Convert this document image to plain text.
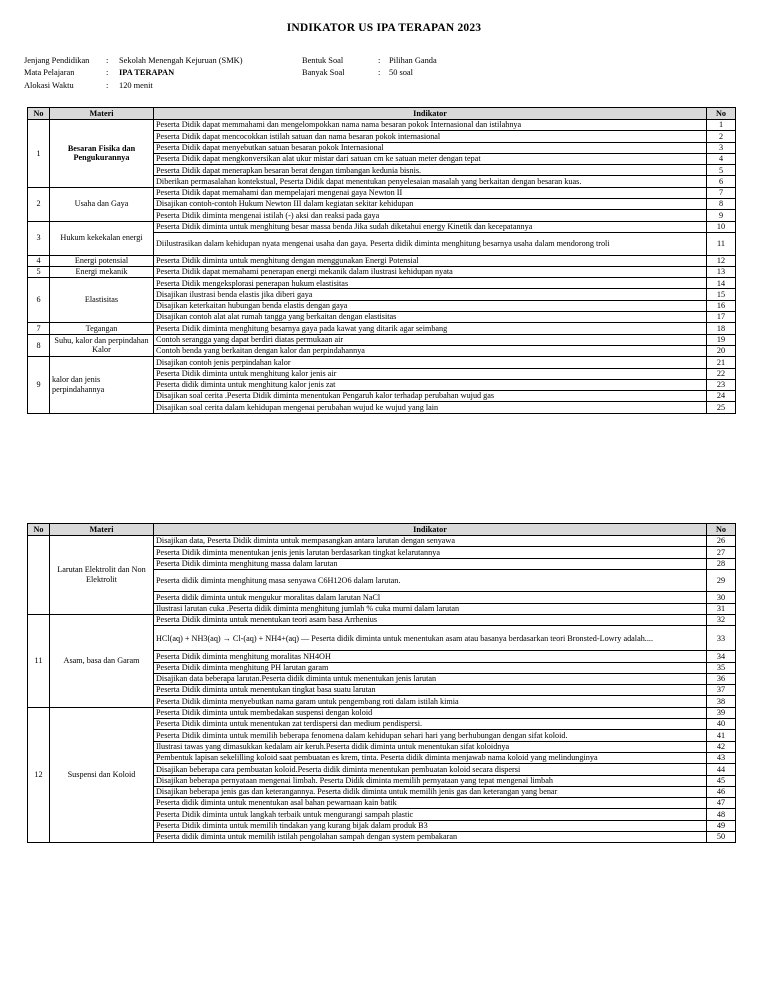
INDIKATOR US IPA TERAPAN 2023
Jenjang Pendidikan	:	Sekolah Menengah Kejuruan (SMK)
Mata Pelajaran	:	IPA TERAPAN
Alokasi Waktu	:	120 menit
Bentuk Soal	:	Pilihan Ganda
Banyak Soal	:	50 soal
No	Materi	Indikator	No
1	Besaran Fisika dan Pengukurannya	Peserta Didik dapat memmahami dan mengelompokkan nama nama besaran pokok Internasional dan istilahnya	1
		Peserta Didik dapat mencocokkan istilah satuan dan nama besaran pokok internasional	2
		Peserta Didik dapat menyebutkan satuan besaran pokok Internasional	3
		Peserta Didik dapat mengkonversikan alat ukur mistar dari satuan cm ke satuan meter dengan tepat	4
		Peserta Didik dapat menerapkan besaran berat dengan timbangan kedunia bisnis.	5
		Diberikan permasalahan kontekstual, Peserta Didik dapat menentukan penyelesaian masalah yang berkaitan dengan besaran kuas.	6
2	Usaha dan Gaya	Peserta Didik dapat memahami dan mempelajari mengenai gaya Newton II	7
		Disajikan contoh-contoh Hukum Newton III dalam kegiatan sekitar kehidupan	8
		Peserta Didik diminta mengenai istilah (-) aksi dan reaksi pada gaya	9
3	Hukum kekekalan energi	Peserta Didik diminta untuk menghitung besar massa benda Jika sudah diketahui energy Kinetik dan kecepatannya	10
		Diilustrasikan dalam kehidupan nyata mengenai usaha dan gaya. Peserta didik diminta menghitung besarnya usaha dalam mendorong troli	11
4	Energi potensial	Peserta Didik diminta untuk menghitung dengan menggunakan Energi Potensial	12
5	Energi mekanik	Peserta Didik dapat memahami penerapan energi mekanik dalam ilustrasi kehidupan nyata	13
6	Elastisitas	Peserta Didik mengeksplorasi penerapan hukum elastisitas	14
		Disajikan ilustrasi benda elastis jika diberi gaya	15
		Disajikan keterkaitan hubungan benda elastis dengan gaya	16
		Disajikan contoh alat alat rumah tangga yang berkaitan dengan elastisitas	17
7	Tegangan	Peserta Didik diminta menghitung besarnya gaya pada kawat yang ditarik agar seimbang	18
8	Suhu, kalor dan perpindahan Kalor	Contoh serangga yang dapat berdiri diatas permukaan air	19
		Contoh benda yang berkaitan dengan kalor dan perpindahannya	20
9	kalor dan jenis perpindahannya	Disajikan contoh jenis perpindahan kalor	21
		Peserta Didik diminta untuk menghitung kalor jenis air	22
		Peserta didik diminta untuk menghitung kalor jenis zat	23
		Disajikan soal cerita .Peserta Didik diminta menentukan Pengaruh kalor terhadap perubahan wujud gas	24
		Disajikan soal cerita dalam kehidupan mengenai perubahan wujud ke wujud yang lain	25
No	Materi	Indikator	No
	Larutan Elektrolit dan Non Elektrolit	Disajikan data, Peserta Didik diminta untuk mempasangkan antara larutan dengan senyawa	26
		Peserta Didik diminta menentukan jenis jenis larutan berdasarkan tingkat kelarutannya	27
		Peserta Didik diminta menghitung massa dalam larutan	28
		Peserta didik diminta menghitung masa senyawa C6H12O6 dalam larutan.	29
		Peserta didik diminta untuk mengukur moralitas dalam larutan NaCl	30
		Ilustrasi larutan cuka .Peserta didik diminta menghitung jumlah % cuka murni dalam larutan	31
11	Asam, basa dan Garam	Peserta Didik diminta untuk menentukan teori asam basa Arrhenius	32
		HCl(aq) + NH3(aq) → Cl-(aq) + NH4+(aq) — Peserta didik diminta untuk menentukan asam atau basanya berdasarkan teori Bronsted-Lowry adalah....	33
		Peserta Didik diminta menghitung moralitas NH4OH	34
		Peserta Didik diminta menghitung PH larutan garam	35
		Disajikan data beberapa larutan.Peserta didik diminta untuk menentukan jenis larutan	36
		Peserta Didik diminta untuk menentukan tingkat basa suatu larutan	37
		Peserta Didik diminta menyebutkan nama garam untuk pengembang roti dalam istilah kimia	38
12	Suspensi dan Koloid	Peserta Didik diminta untuk membedakan suspensi dengan koloid	39
		Peserta Didik diminta untuk menentukan zat terdispersi dan medium pendispersi.	40
		Peserta Didik diminta untuk memilih beberapa fenomena dalam kehidupan sehari hari yang berhubungan dengan sifat koloid.	41
		Ilustrasi tawas yang dimasukkan kedalam air keruh.Peserta didik diminta untuk menentukan sifat koloidnya	42
		Pembentuk lapisan sekelilling koloid saat pembuatan es krem, tinta. Peserta didik diminta menjawab nama koloid yang melindunginya	43
		Disajikan beberapa cara pembuatan koloid.Peserta didik diminta menentukan pembuatan koloid secara dispersi	44
		Disajikan beberapa pernyataan mengenai limbah. Peserta Didik diminta memilih pernyataan yang tepat mengenai limbah	45
		Disajikan beberapa jenis gas dan keterangannya. Peserta didik diminta untuk memilih jenis gas dan keterangan yang benar	46
		Peserta didik diminta untuk menentukan asal bahan pewarnaan kain batik	47
		Peserta Didik diminta untuk langkah terbaik untuk mengurangi sampah plastic	48
		Peserta Didik diminta untuk memilih tindakan yang kurang bijak dalam produk B3	49
		Peserta didik diminta untuk memilih istilah pengolahan sampah dengan system pembakaran	50
